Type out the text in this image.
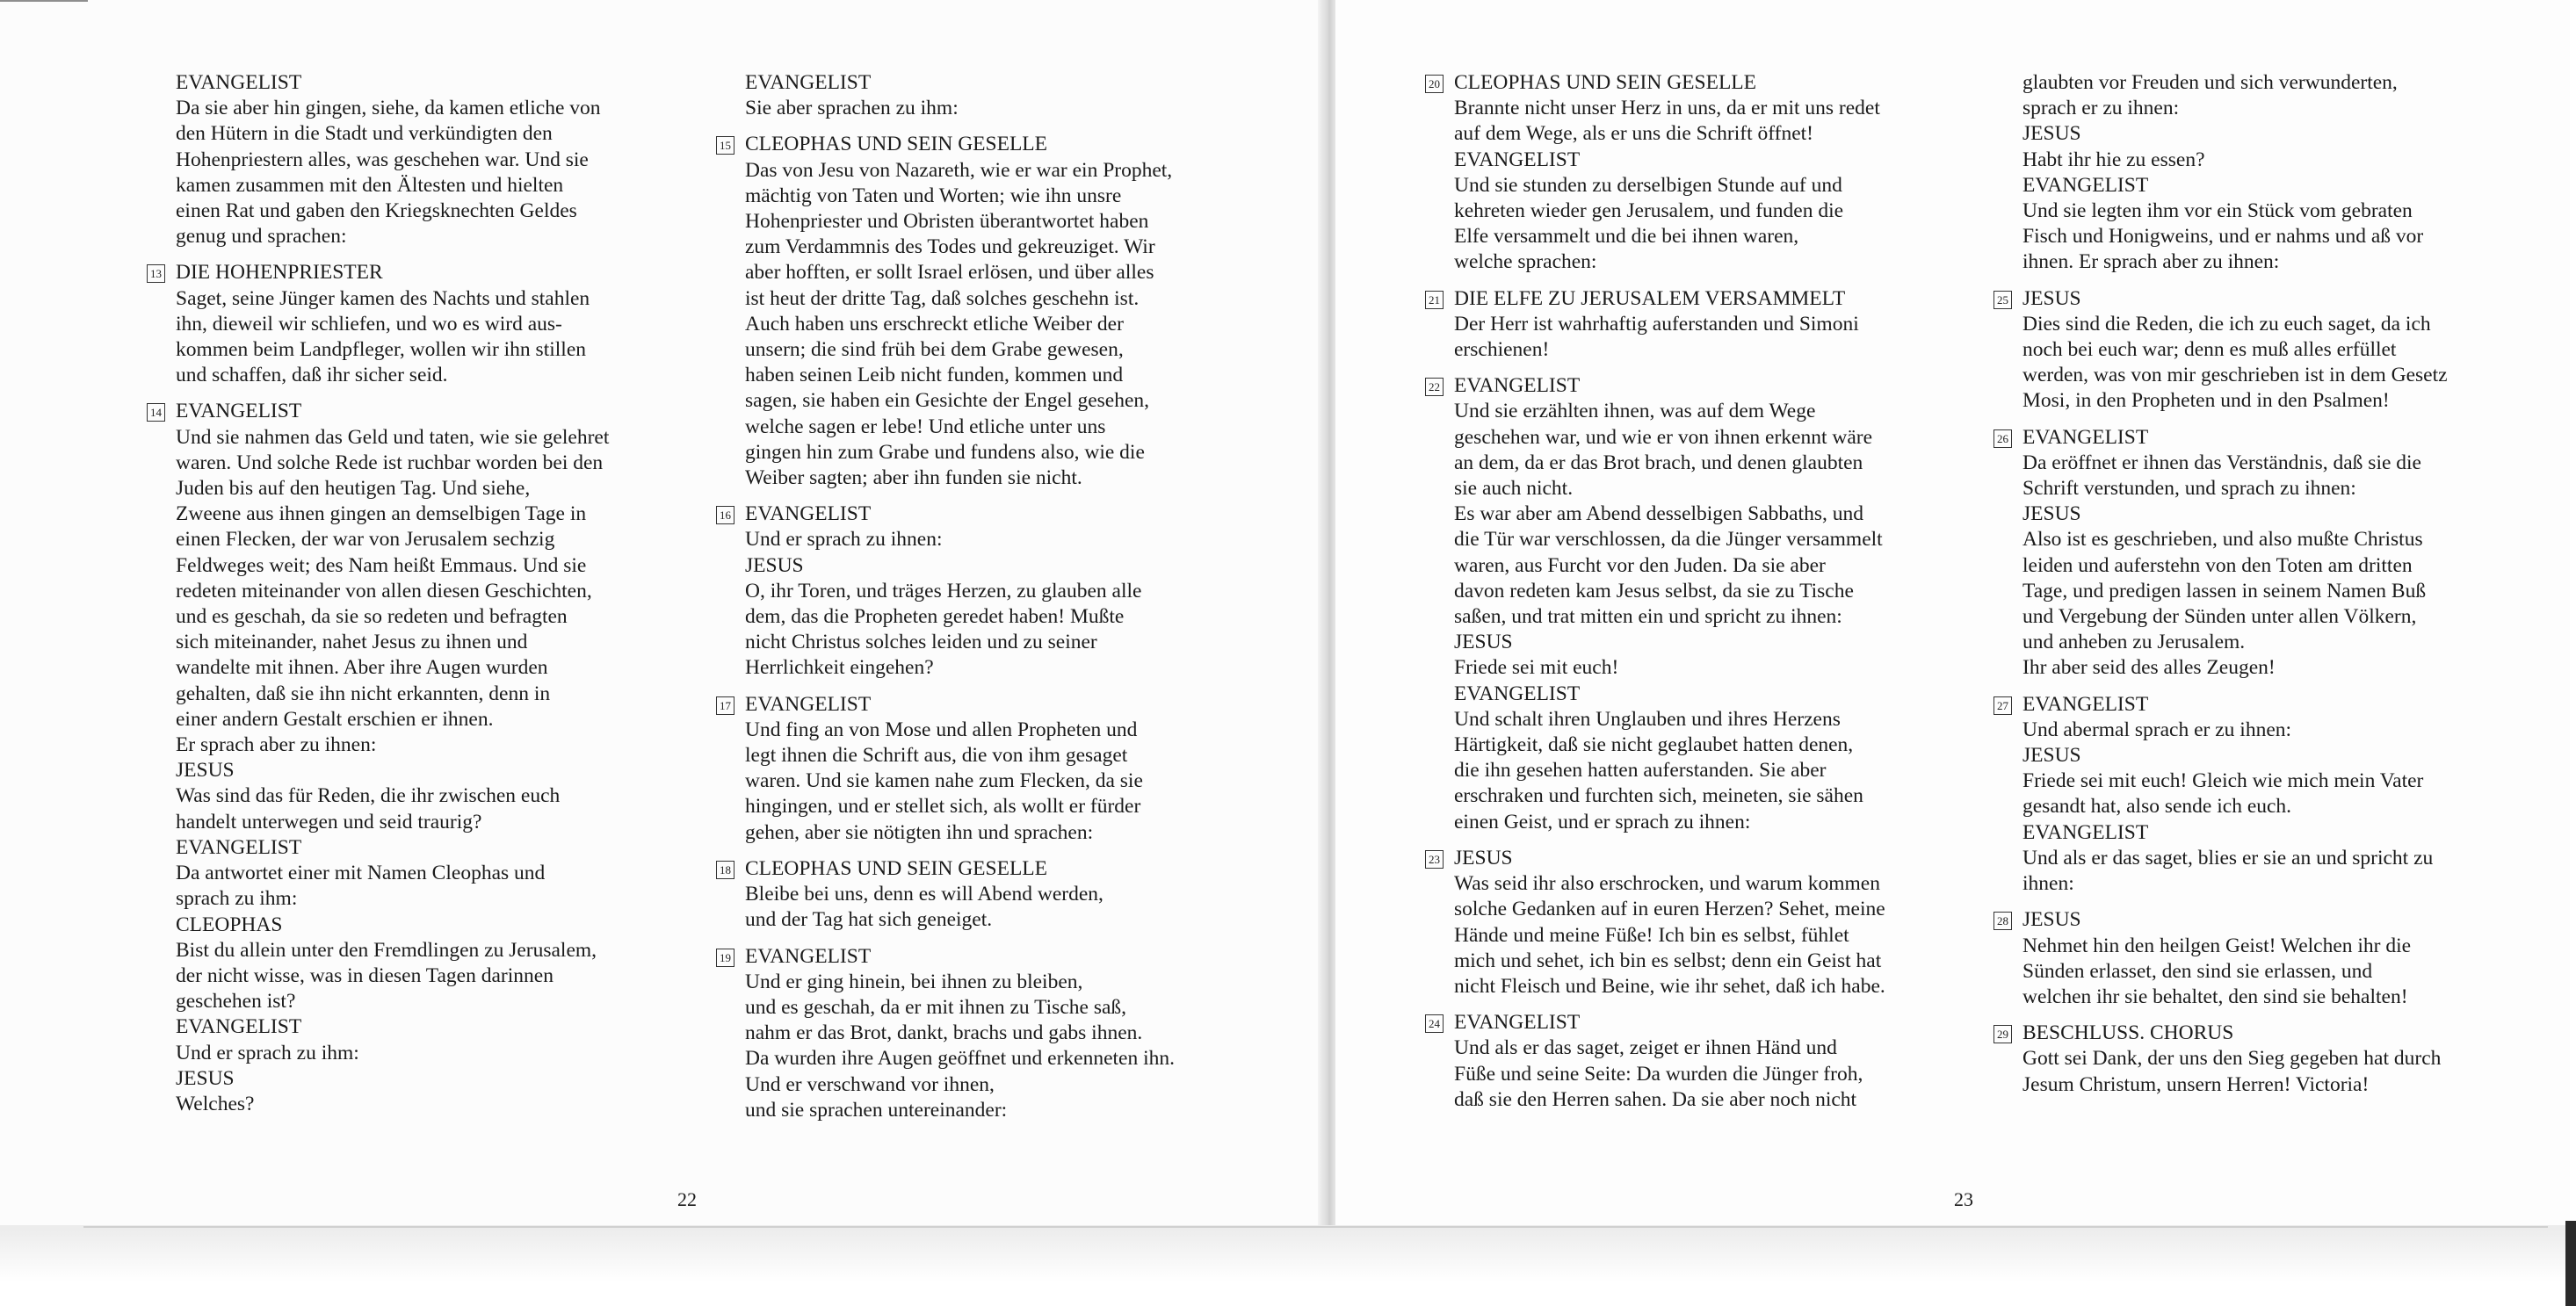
EVANGELIST
Da sie aber hin gingen, siehe, da kamen etliche von
den Hütern in die Stadt und verkündigten den
Hohenpriestern alles, was geschehen war. Und sie
kamen zusammen mit den Ältesten und hielten
einen Rat und gaben den Kriegsknechten Geldes
genug und sprachen:
13 DIE HOHENPRIESTER
Saget, seine Jünger kamen des Nachts und stahlen
ihn, dieweil wir schliefen, und wo es wird aus-
kommen beim Landpfleger, wollen wir ihn stillen
und schaffen, daß ihr sicher seid.
14 EVANGELIST
Und sie nahmen das Geld und taten, wie sie gelehret
waren. Und solche Rede ist ruchbar worden bei den
Juden bis auf den heutigen Tag. Und siehe,
Zweene aus ihnen gingen an demselbigen Tage in
einen Flecken, der war von Jerusalem sechzig
Feldweges weit; des Nam heißt Emmaus. Und sie
redeten miteinander von allen diesen Geschichten,
und es geschah, da sie so redeten und befragten
sich miteinander, nahet Jesus zu ihnen und
wandelte mit ihnen. Aber ihre Augen wurden
gehalten, daß sie ihn nicht erkannten, denn in
einer andern Gestalt erschien er ihnen.
Er sprach aber zu ihnen:
JESUS
Was sind das für Reden, die ihr zwischen euch
handelt unterwegen und seid traurig?
EVANGELIST
Da antwortet einer mit Namen Cleophas und
sprach zu ihm:
CLEOPHAS
Bist du allein unter den Fremdlingen zu Jerusalem,
der nicht wisse, was in diesen Tagen darinnen
geschehen ist?
EVANGELIST
Und er sprach zu ihm:
JESUS
Welches?
EVANGELIST
Sie aber sprachen zu ihm:
15 CLEOPHAS UND SEIN GESELLE
Das von Jesu von Nazareth, wie er war ein Prophet,
mächtig von Taten und Worten; wie ihn unsre
Hohenpriester und Obristen überantwortet haben
zum Verdammnis des Todes und gekreuziget. Wir
aber hofften, er sollt Israel erlösen, und über alles
ist heut der dritte Tag, daß solches geschehn ist.
Auch haben uns erschreckt etliche Weiber der
unsern; die sind früh bei dem Grabe gewesen,
haben seinen Leib nicht funden, kommen und
sagen, sie haben ein Gesichte der Engel gesehen,
welche sagen er lebe! Und etliche unter uns
gingen hin zum Grabe und fundens also, wie die
Weiber sagten; aber ihn funden sie nicht.
16 EVANGELIST
Und er sprach zu ihnen:
JESUS
O, ihr Toren, und träges Herzen, zu glauben alle
dem, das die Propheten geredet haben! Mußte
nicht Christus solches leiden und zu seiner
Herrlichkeit eingehen?
17 EVANGELIST
Und fing an von Mose und allen Propheten und
legt ihnen die Schrift aus, die von ihm gesaget
waren. Und sie kamen nahe zum Flecken, da sie
hingingen, und er stellet sich, als wollt er fürder
gehen, aber sie nötigten ihn und sprachen:
18 CLEOPHAS UND SEIN GESELLE
Bleibe bei uns, denn es will Abend werden,
und der Tag hat sich geneiget.
19 EVANGELIST
Und er ging hinein, bei ihnen zu bleiben,
und es geschah, da er mit ihnen zu Tische saß,
nahm er das Brot, dankt, brachs und gabs ihnen.
Da wurden ihre Augen geöffnet und erkenneten ihn.
Und er verschwand vor ihnen,
und sie sprachen untereinander:
20 CLEOPHAS UND SEIN GESELLE
Brannte nicht unser Herz in uns, da er mit uns redet
auf dem Wege, als er uns die Schrift öffnet!
EVANGELIST
Und sie stunden zu derselbigen Stunde auf und
kehreten wieder gen Jerusalem, und funden die
Elfe versammelt und die bei ihnen waren,
welche sprachen:
21 DIE ELFE ZU JERUSALEM VERSAMMELT
Der Herr ist wahrhaftig auferstanden und Simoni
erschienen!
22 EVANGELIST
Und sie erzählten ihnen, was auf dem Wege
geschehen war, und wie er von ihnen erkennt wäre
an dem, da er das Brot brach, und denen glaubten
sie auch nicht.
Es war aber am Abend desselbigen Sabbaths, und
die Tür war verschlossen, da die Jünger versammelt
waren, aus Furcht vor den Juden. Da sie aber
davon redeten kam Jesus selbst, da sie zu Tische
saßen, und trat mitten ein und spricht zu ihnen:
JESUS
Friede sei mit euch!
EVANGELIST
Und schalt ihren Unglauben und ihres Herzens
Härtigkeit, daß sie nicht geglaubet hatten denen,
die ihn gesehen hatten auferstanden. Sie aber
erschraken und furchten sich, meineten, sie sähen
einen Geist, und er sprach zu ihnen:
23 JESUS
Was seid ihr also erschrocken, und warum kommen
solche Gedanken auf in euren Herzen? Sehet, meine
Hände und meine Füße! Ich bin es selbst, fühlet
mich und sehet, ich bin es selbst; denn ein Geist hat
nicht Fleisch und Beine, wie ihr sehet, daß ich habe.
24 EVANGELIST
Und als er das saget, zeiget er ihnen Händ und
Füße und seine Seite: Da wurden die Jünger froh,
daß sie den Herren sahen. Da sie aber noch nicht
glaubten vor Freuden und sich verwunderten,
sprach er zu ihnen:
JESUS
Habt ihr hie zu essen?
EVANGELIST
Und sie legten ihm vor ein Stück vom gebraten
Fisch und Honigweins, und er nahms und aß vor
ihnen. Er sprach aber zu ihnen:
25 JESUS
Dies sind die Reden, die ich zu euch saget, da ich
noch bei euch war; denn es muß alles erfüllet
werden, was von mir geschrieben ist in dem Gesetz
Mosi, in den Propheten und in den Psalmen!
26 EVANGELIST
Da eröffnet er ihnen das Verständnis, daß sie die
Schrift verstunden, und sprach zu ihnen:
JESUS
Also ist es geschrieben, und also mußte Christus
leiden und auferstehn von den Toten am dritten
Tage, und predigen lassen in seinem Namen Buß
und Vergebung der Sünden unter allen Völkern,
und anheben zu Jerusalem.
Ihr aber seid des alles Zeugen!
27 EVANGELIST
Und abermal sprach er zu ihnen:
JESUS
Friede sei mit euch! Gleich wie mich mein Vater
gesandt hat, also sende ich euch.
EVANGELIST
Und als er das saget, blies er sie an und spricht zu
ihnen:
28 JESUS
Nehmet hin den heilgen Geist! Welchen ihr die
Sünden erlasset, den sind sie erlassen, und
welchen ihr sie behaltet, den sind sie behalten!
29 BESCHLUSS. CHORUS
Gott sei Dank, der uns den Sieg gegeben hat durch
Jesum Christum, unsern Herren! Victoria!
22	23
